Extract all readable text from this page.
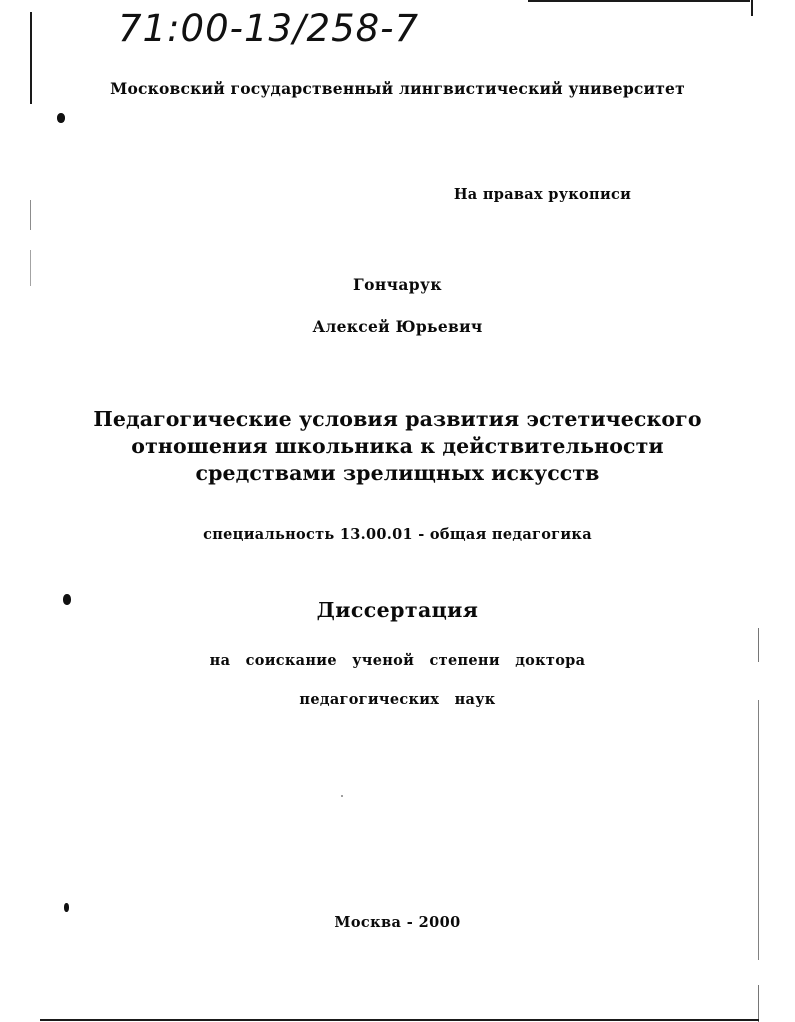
71:00-13/258-7
Московский государственный лингвистический университет
На правах рукописи
Гончарук
Алексей Юрьевич
Педагогические условия развития эстетического
отношения школьника к действительности
средствами зрелищных искусств
специальность 13.00.01 - общая педагогика
Диссертация
на соискание ученой степени доктора
педагогических наук
Москва - 2000
